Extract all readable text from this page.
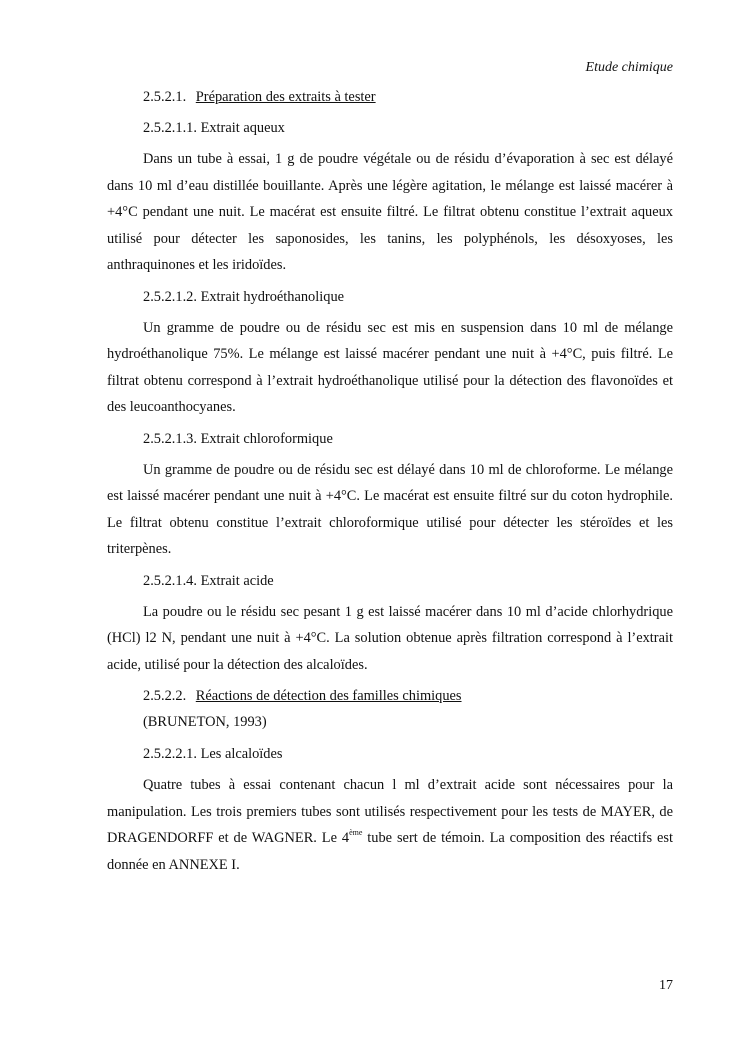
Etude chimique

2.5.2.1. Préparation des extraits à tester

2.5.2.1.1. Extrait aqueux

Dans un tube à essai, 1 g de poudre végétale ou de résidu d’évaporation à sec est délayé dans 10 ml d’eau distillée bouillante. Après une légère agitation, le mélange est laissé macérer à +4°C pendant une nuit. Le macérat est ensuite filtré. Le filtrat obtenu constitue l’extrait aqueux utilisé pour détecter les saponosides, les tanins, les polyphénols, les désoxyoses, les anthraquinones et les iridoïdes.

2.5.2.1.2. Extrait hydroéthanolique

Un gramme de poudre ou de résidu sec est mis en suspension dans 10 ml de mélange hydroéthanolique 75%. Le mélange est laissé macérer pendant une nuit à +4°C, puis filtré. Le filtrat obtenu correspond à l’extrait hydroéthanolique utilisé pour la détection des flavonoïdes et des leucoanthocyanes.

2.5.2.1.3. Extrait chloroformique

Un gramme de poudre ou de résidu sec est délayé dans 10 ml de chloroforme. Le mélange est laissé macérer pendant une nuit à +4°C. Le macérat est ensuite filtré sur du coton hydrophile. Le filtrat obtenu constitue l’extrait chloroformique utilisé pour détecter les stéroïdes et les triterpènes.

2.5.2.1.4. Extrait acide

La poudre ou le résidu sec pesant 1 g est laissé macérer dans 10 ml d’acide chlorhydrique (HCl) l2 N, pendant une nuit à +4°C. La solution obtenue après filtration correspond à l’extrait acide, utilisé pour la détection des alcaloïdes.

2.5.2.2. Réactions de détection des familles chimiques

(BRUNETON, 1993)

2.5.2.2.1. Les alcaloïdes

Quatre tubes à essai contenant chacun l ml d’extrait acide sont nécessaires pour la manipulation. Les trois premiers tubes sont utilisés respectivement pour les tests de MAYER, de DRAGENDORFF et de WAGNER. Le 4ème tube sert de témoin. La composition des réactifs est donnée en ANNEXE I.

17
